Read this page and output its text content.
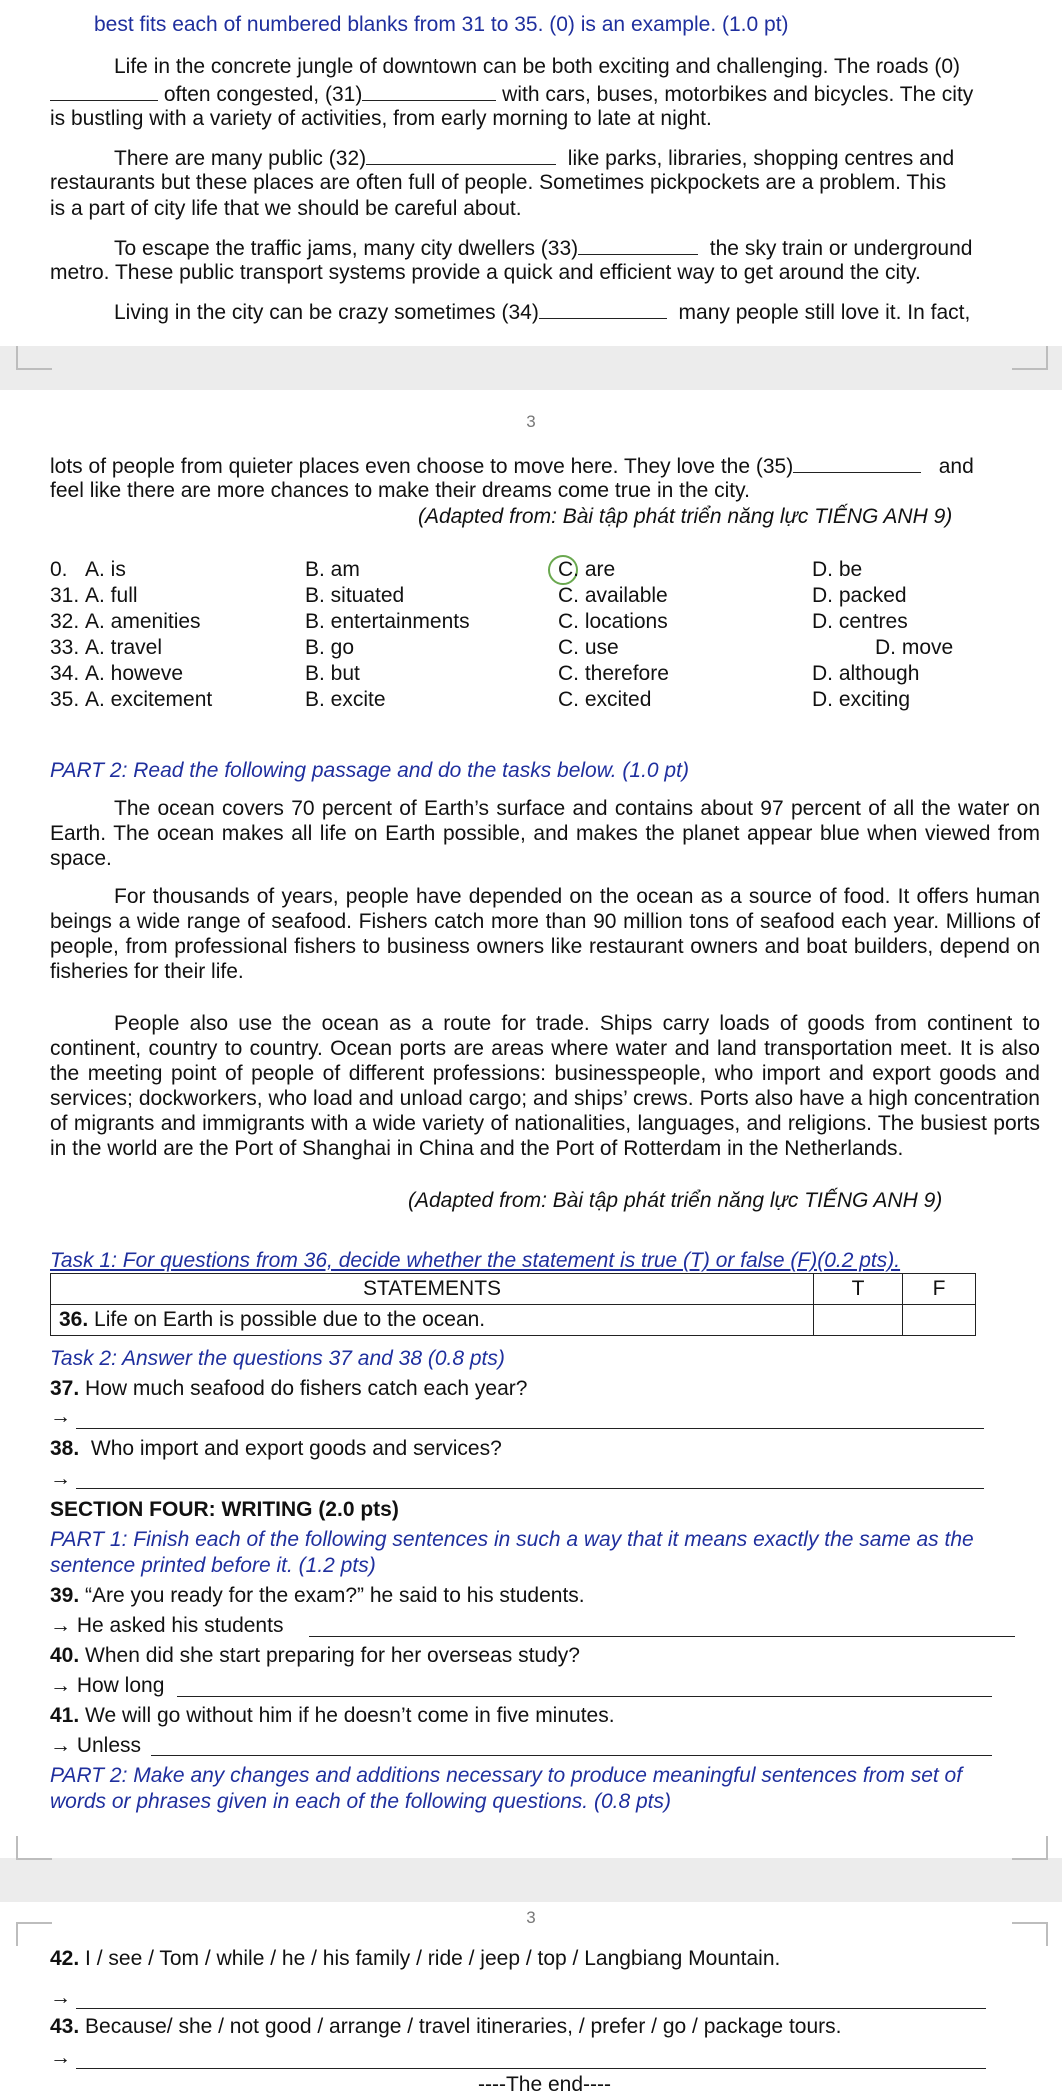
best fits each of numbered blanks from 31 to 35. (0) is an example. (1.0 pt)
Life in the concrete jungle of downtown can be both exciting and challenging. The roads (0)
often congested, (31)	with cars, buses, motorbikes and bicycles. The city
is bustling with a variety of activities, from early morning to late at night.
There are many public (32)	like parks, libraries, shopping centres and
restaurants but these places are often full of people. Sometimes pickpockets are a problem. This
is a part of city life that we should be careful about.
To escape the traffic jams, many city dwellers (33)	the sky train or underground
metro. These public transport systems provide a quick and efficient way to get around the city.
Living in the city can be crazy sometimes (34)	many people still love it. In fact,
3
lots of people from quieter places even choose to move here. They love the (35)	and
feel like there are more chances to make their dreams come true in the city.
(Adapted from: Bài tập phát triển năng lực TIẾNG ANH 9)
0. A. is	B. am	C. are	D. be
31. A. full	B. situated	C. available	D. packed
32. A. amenities	B. entertainments	C. locations	D. centres
33. A. travel	B. go	C. use	D. move
34. A. howeve	B. but	C. therefore	D. although
35. A. excitement	B. excite	C. excited	D. exciting
PART 2: Read the following passage and do the tasks below. (1.0 pt)
The ocean covers 70 percent of Earth’s surface and contains about 97 percent of all the water on Earth. The ocean makes all life on Earth possible, and makes the planet appear blue when viewed from space.
For thousands of years, people have depended on the ocean as a source of food. It offers human beings a wide range of seafood. Fishers catch more than 90 million tons of seafood each year. Millions of people, from professional fishers to business owners like restaurant owners and boat builders, depend on fisheries for their life.
People also use the ocean as a route for trade. Ships carry loads of goods from continent to continent, country to country. Ocean ports are areas where water and land transportation meet. It is also the meeting point of people of different professions: businesspeople, who import and export goods and services; dockworkers, who load and unload cargo; and ships’ crews. Ports also have a high concentration of migrants and immigrants with a wide variety of nationalities, languages, and religions. The busiest ports in the world are the Port of Shanghai in China and the Port of Rotterdam in the Netherlands.
(Adapted from: Bài tập phát triển năng lực TIẾNG ANH 9)
Task 1: For questions from 36, decide whether the statement is true (T) or false (F)(0.2 pts).
STATEMENTS	T	F
36. Life on Earth is possible due to the ocean.		
Task 2: Answer the questions 37 and 38 (0.8 pts)
37. How much seafood do fishers catch each year?
→
38. Who import and export goods and services?
→
SECTION FOUR: WRITING (2.0 pts)
PART 1: Finish each of the following sentences in such a way that it means exactly the same as the
sentence printed before it. (1.2 pts)
39. “Are you ready for the exam?” he said to his students.
→ He asked his students
40. When did she start preparing for her overseas study?
→ How long
41. We will go without him if he doesn’t come in five minutes.
→ Unless
PART 2: Make any changes and additions necessary to produce meaningful sentences from set of
words or phrases given in each of the following questions. (0.8 pts)
3
42. I / see / Tom / while / he / his family / ride / jeep / top / Langbiang Mountain.
→
43. Because/ she / not good / arrange / travel itineraries, / prefer / go / package tours.
→
----The end----
